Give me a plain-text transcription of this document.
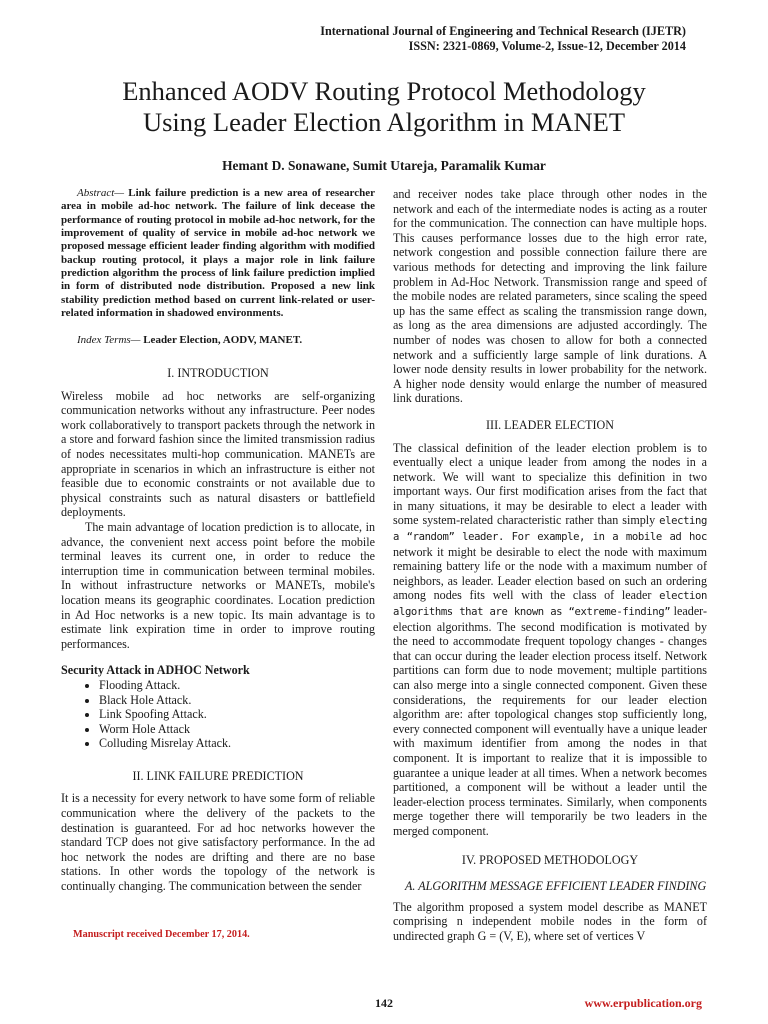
International Journal of Engineering and Technical Research (IJETR)
ISSN: 2321-0869, Volume-2, Issue-12, December 2014
Enhanced AODV Routing Protocol Methodology
Using Leader Election Algorithm in MANET
Hemant D. Sonawane, Sumit Utareja, Paramalik Kumar

Abstract— Link failure prediction is a new area of researcher area in mobile ad-hoc network. The failure of link decease the performance of routing protocol in mobile ad-hoc network, for the improvement of quality of service in mobile ad-hoc network we proposed message efficient leader finding algorithm with modified backup routing protocol, it plays a major role in link failure prediction algorithm the process of link failure prediction implied in form of distributed node distribution. Proposed a new link stability prediction method based on current link-related or user-related information in shadowed environments.

Index Terms— Leader Election, AODV, MANET.

I. INTRODUCTION

Wireless mobile ad hoc networks are self-organizing communication networks without any infrastructure. Peer nodes work collaboratively to transport packets through the network in a store and forward fashion since the limited transmission radius of nodes necessitates multi-hop communication. MANETs are appropriate in scenarios in which an infrastructure is either not feasible due to economic constraints or not available due to physical constraints such as natural disasters or battlefield deployments.

The main advantage of location prediction is to allocate, in advance, the convenient next access point before the mobile terminal leaves its current one, in order to reduce the interruption time in communication between terminal mobiles. In without infrastructure networks or MANETs, mobile's location means its geographic coordinates. Location prediction in Ad Hoc networks is a new topic. Its main advantage is to estimate link expiration time in order to improve routing performances.

Security Attack in ADHOC Network

• Flooding Attack.
• Black Hole Attack.
• Link Spoofing Attack.
• Worm Hole Attack
• Colluding Misrelay Attack.
II. LINK FAILURE PREDICTION

It is a necessity for every network to have some form of reliable communication where the delivery of the packets to the destination is guaranteed. For ad hoc networks however the standard TCP does not give satisfactory performance. In the ad hoc network the nodes are drifting and there are no base stations. In other words the topology of the network is continually changing. The communication between the sender

Manuscript received December 17, 2014.

and receiver nodes take place through other nodes in the network and each of the intermediate nodes is acting as a router for the communication. The connection can have multiple hops. This causes performance losses due to the high error rate, network congestion and possible connection failure there are various methods for detecting and improving the link failure problem in Ad-Hoc Network. Transmission range and speed of the mobile nodes are related parameters, since scaling the speed up has the same effect as scaling the transmission range down, as long as the area dimensions are adjusted accordingly. The number of nodes was chosen to allow for both a connected network and a sufficiently large sample of link durations. A lower node density results in lower probability for the network. A higher node density would enlarge the number of measured link durations.

III. LEADER ELECTION

The classical definition of the leader election problem is to eventually elect a unique leader from among the nodes in a network. We will want to specialize this definition in two important ways. Our first modification arises from the fact that in many situations, it may be desirable to elect a leader with some system-related characteristic rather than simply electing a “random” leader. For example, in a mobile ad hoc network it might be desirable to elect the node with maximum remaining battery life or the node with a maximum number of neighbors, as leader. Leader election based on such an ordering among nodes fits well with the class of leader election algorithms that are known as “extreme-finding” leader-election algorithms. The second modification is motivated by the need to accommodate frequent topology changes - changes that can occur during the leader election process itself. Network partitions can form due to node movement; multiple partitions can also merge into a single connected component. Given these considerations, the requirements for our leader election algorithm are: after topological changes stop sufficiently long, every connected component will eventually have a unique leader with maximum identifier from among the nodes in that component. It is important to realize that it is impossible to guarantee a unique leader at all times. When a network becomes partitioned, a component will be without a leader until the leader-election process terminates. Similarly, when components merge together there will temporarily be two leaders in the merged component.

IV. PROPOSED METHODOLOGY
A. ALGORITHM MESSAGE EFFICIENT LEADER FINDING

The algorithm proposed a system model describe as MANET comprising n independent mobile nodes in the form of undirected graph G = (V, E), where set of vertices V

142	www.erpublication.org
